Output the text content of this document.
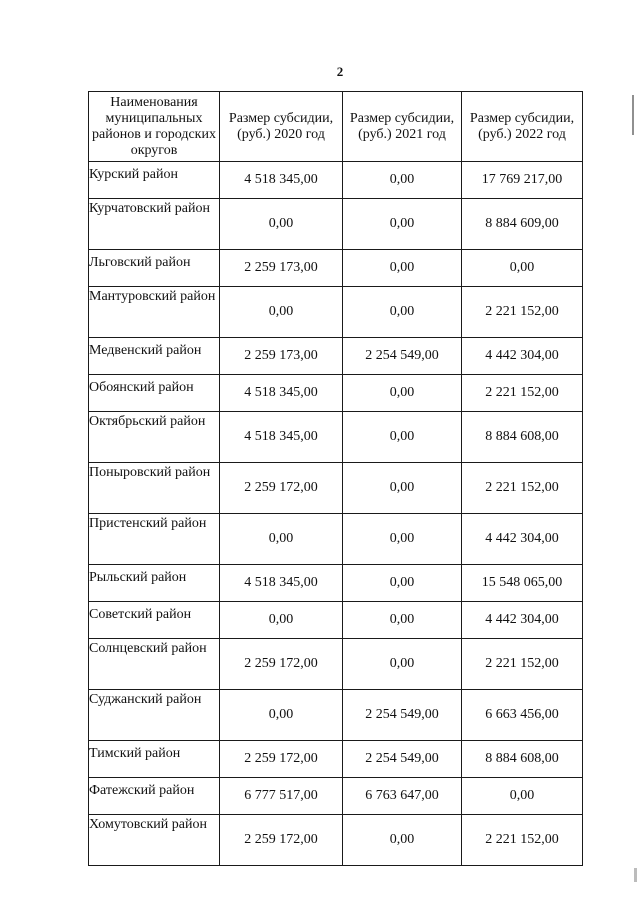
2
Наименования муниципальных районов и городских округов	Размер субсидии, (руб.) 2020 год	Размер субсидии, (руб.) 2021 год	Размер субсидии, (руб.) 2022 год

Курский район	4 518 345,00	0,00	17 769 217,00
Курчатовский район	0,00	0,00	8 884 609,00
Льговский район	2 259 173,00	0,00	0,00
Мантуровский район	0,00	0,00	2 221 152,00
Медвенский район	2 259 173,00	2 254 549,00	4 442 304,00
Обоянский район	4 518 345,00	0,00	2 221 152,00
Октябрьский район	4 518 345,00	0,00	8 884 608,00
Поныровский район	2 259 172,00	0,00	2 221 152,00
Пристенский район	0,00	0,00	4 442 304,00
Рыльский район	4 518 345,00	0,00	15 548 065,00
Советский район	0,00	0,00	4 442 304,00
Солнцевский район	2 259 172,00	0,00	2 221 152,00
Суджанский район	0,00	2 254 549,00	6 663 456,00
Тимский район	2 259 172,00	2 254 549,00	8 884 608,00
Фатежский район	6 777 517,00	6 763 647,00	0,00
Хомутовский район	2 259 172,00	0,00	2 221 152,00
